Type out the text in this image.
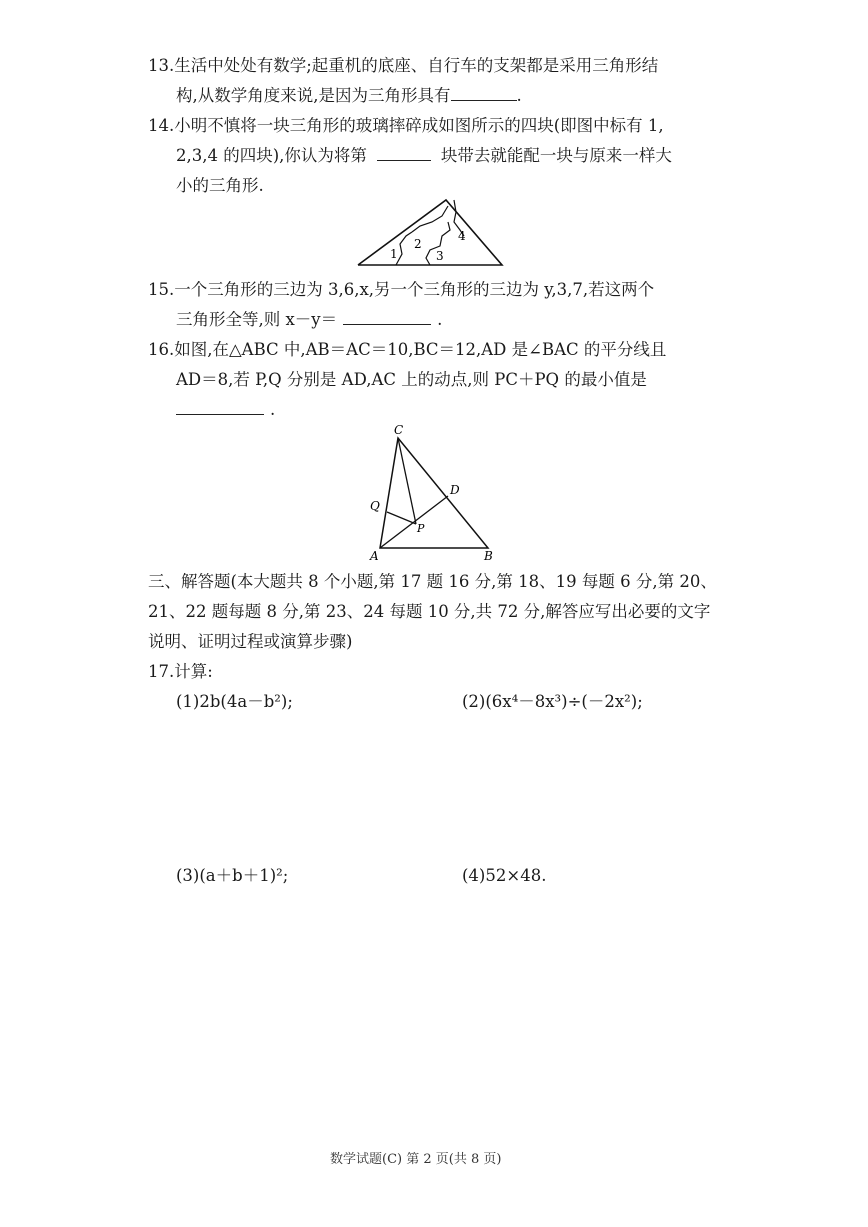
13.生活中处处有数学;起重机的底座、自行车的支架都是采用三角形结
构,从数学角度来说,是因为三角形具有	.
14.小明不慎将一块三角形的玻璃摔碎成如图所示的四块(即图中标有 1,
2,3,4 的四块),你认为将第	块带去就能配一块与原来一样大
小的三角形.
1
2
3
4
15.一个三角形的三边为 3,6,x,另一个三角形的三边为 y,3,7,若这两个
三角形全等,则 x－y＝	.
16.如图,在△ABC 中,AB＝AC＝10,BC＝12,AD 是∠BAC 的平分线且
AD＝8,若 P,Q 分别是 AD,AC 上的动点,则 PC＋PQ 的最小值是
.
C
D
Q
P
A	B
三、解答题(本大题共 8 个小题,第 17 题 16 分,第 18、19 每题 6 分,第 20、
21、22 题每题 8 分,第 23、24 每题 10 分,共 72 分,解答应写出必要的文字
说明、证明过程或演算步骤)
17.计算:
(1)2b(4a－b²);	(2)(6x⁴－8x³)÷(－2x²);
(3)(a＋b＋1)²;	(4)52×48.
数学试题(C) 第 2 页(共 8 页)
